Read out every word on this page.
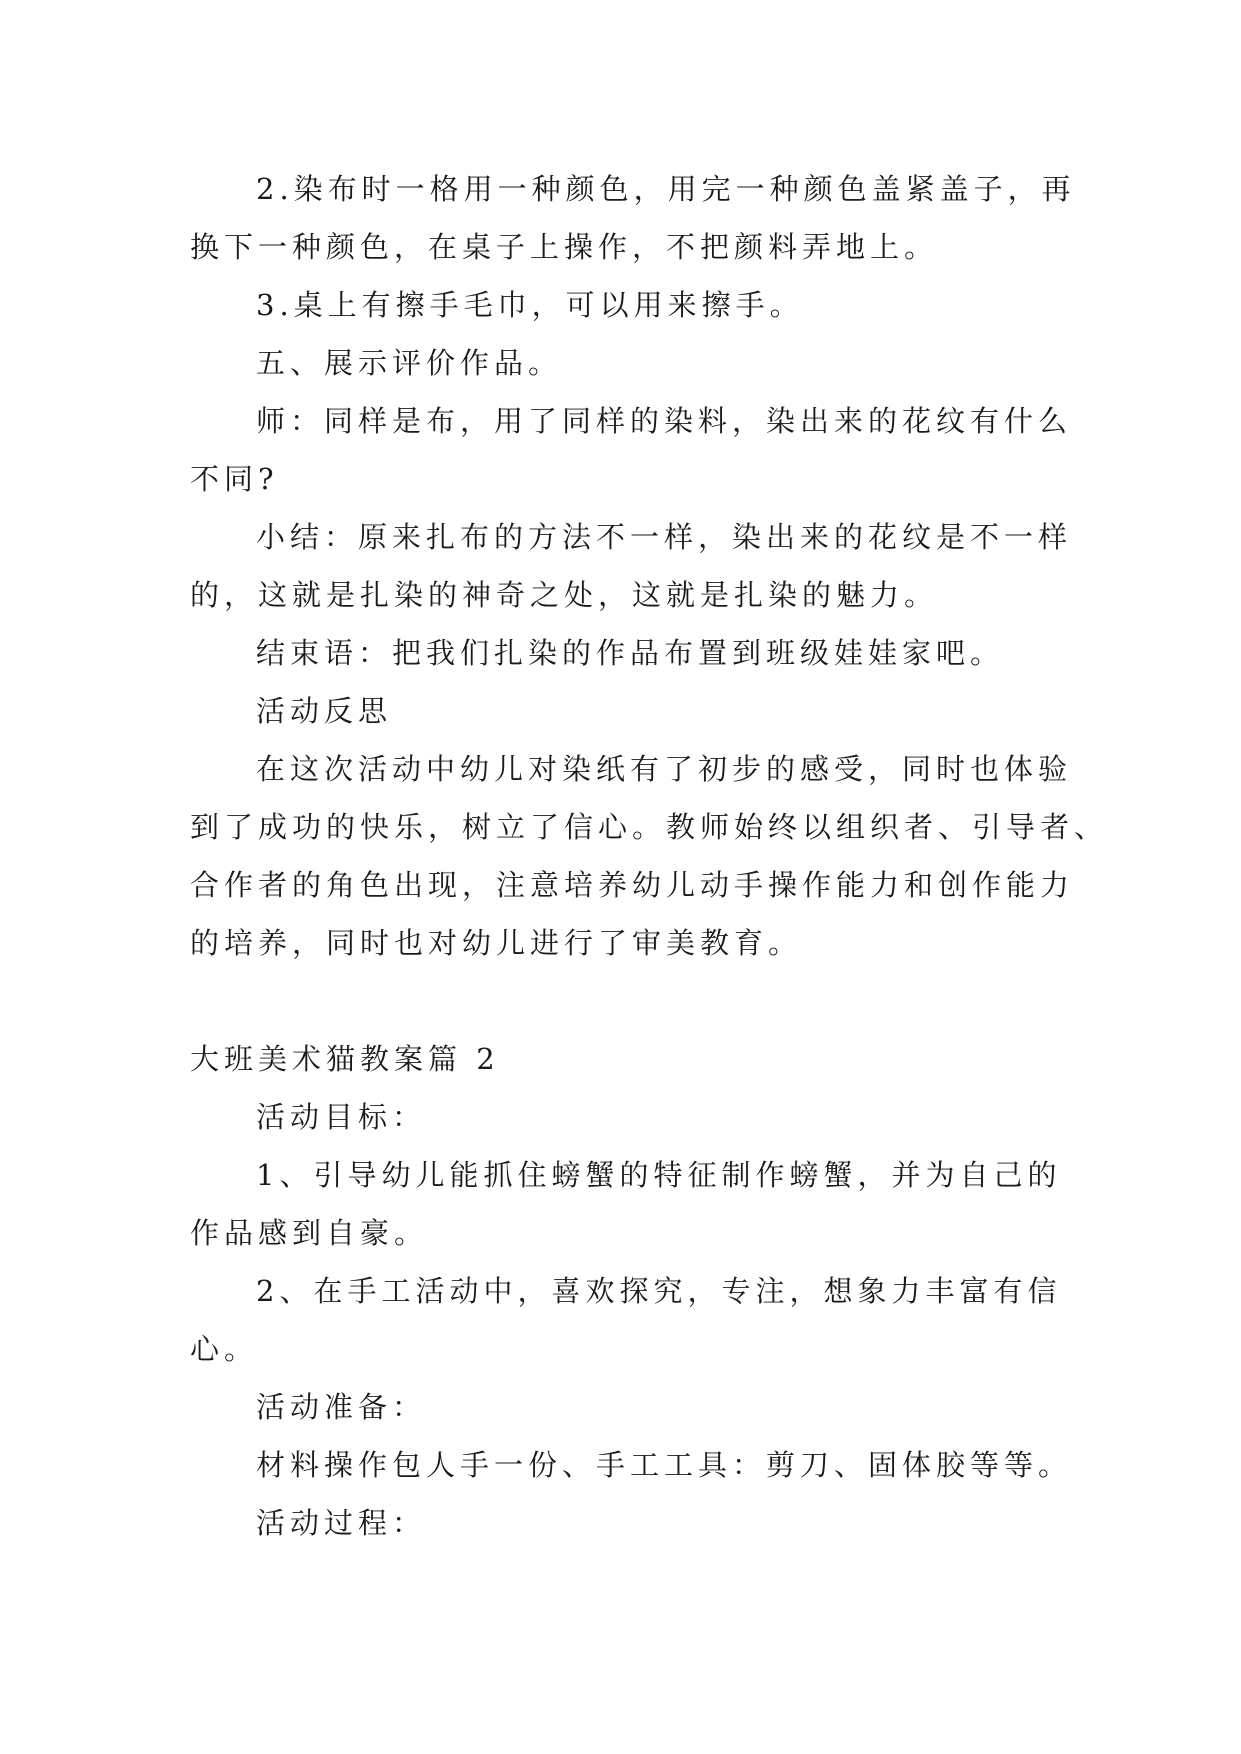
2.染布时一格用一种颜色，用完一种颜色盖紧盖子，再

换下一种颜色，在桌子上操作，不把颜料弄地上。

3.桌上有擦手毛巾，可以用来擦手。

五、展示评价作品。

师：同样是布，用了同样的染料，染出来的花纹有什么

不同?

小结：原来扎布的方法不一样，染出来的花纹是不一样

的，这就是扎染的神奇之处，这就是扎染的魅力。

结束语：把我们扎染的作品布置到班级娃娃家吧。

活动反思

在这次活动中幼儿对染纸有了初步的感受，同时也体验

到了成功的快乐，树立了信心。教师始终以组织者、引导者、

合作者的角色出现，注意培养幼儿动手操作能力和创作能力

的培养，同时也对幼儿进行了审美教育。

大班美术猫教案篇 2

活动目标：

1、引导幼儿能抓住螃蟹的特征制作螃蟹，并为自己的

作品感到自豪。

2、在手工活动中，喜欢探究，专注，想象力丰富有信

心。

活动准备：

材料操作包人手一份、手工工具：剪刀、固体胶等等。

活动过程：
